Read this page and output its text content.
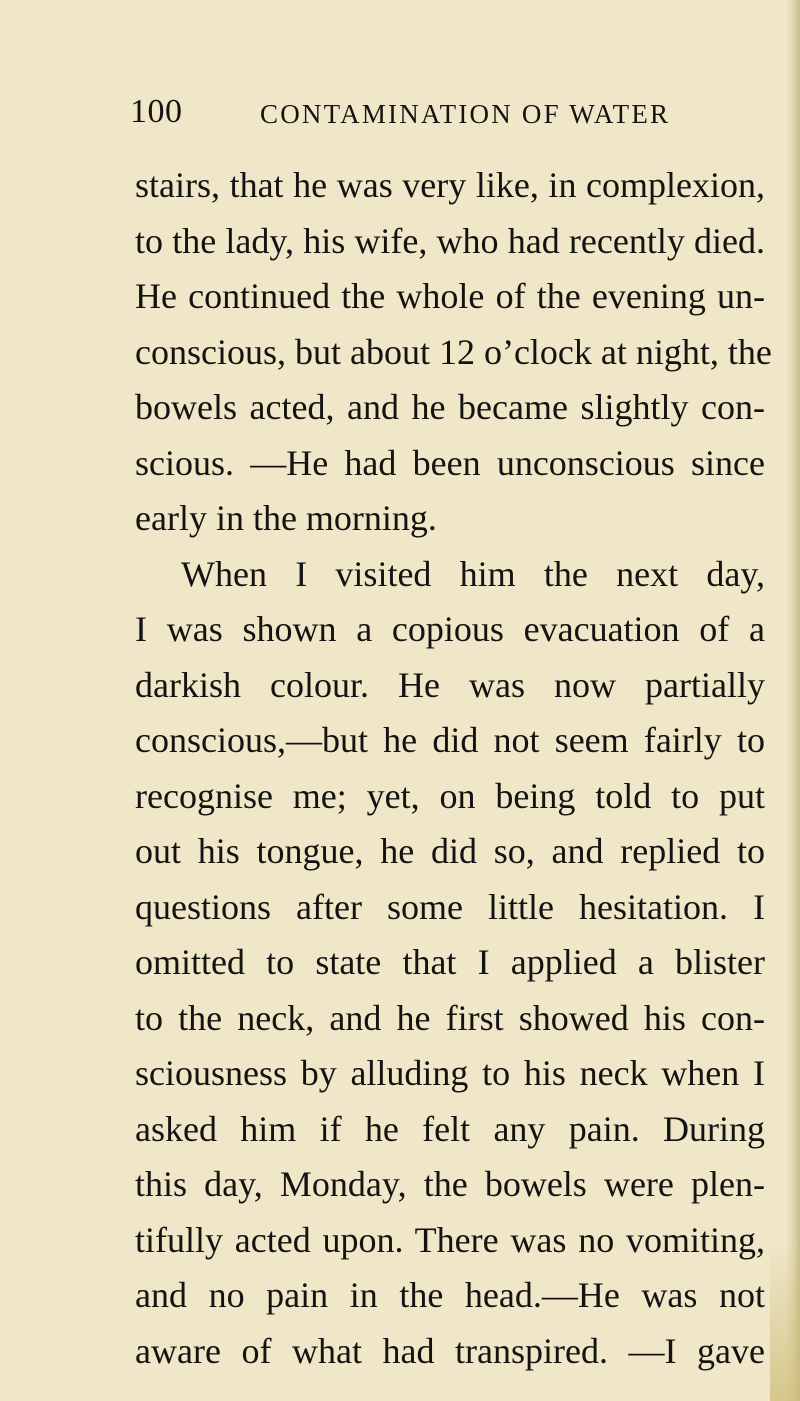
100	CONTAMINATION OF WATER
stairs, that he was very like, in complexion,
to the lady, his wife, who had recently died.
He continued the whole of the evening un-
conscious, but about 12 o’clock at night, the
bowels acted, and he became slightly con-
scious. —He had been unconscious since
early in the morning.
When I visited him the next day,
I was shown a copious evacuation of a
darkish colour. He was now partially
conscious,—but he did not seem fairly to
recognise me; yet, on being told to put
out his tongue, he did so, and replied to
questions after some little hesitation. I
omitted to state that I applied a blister
to the neck, and he first showed his con-
sciousness by alluding to his neck when I
asked him if he felt any pain. During
this day, Monday, the bowels were plen-
tifully acted upon. There was no vomiting,
and no pain in the head.—He was not
aware of what had transpired. —I gave
